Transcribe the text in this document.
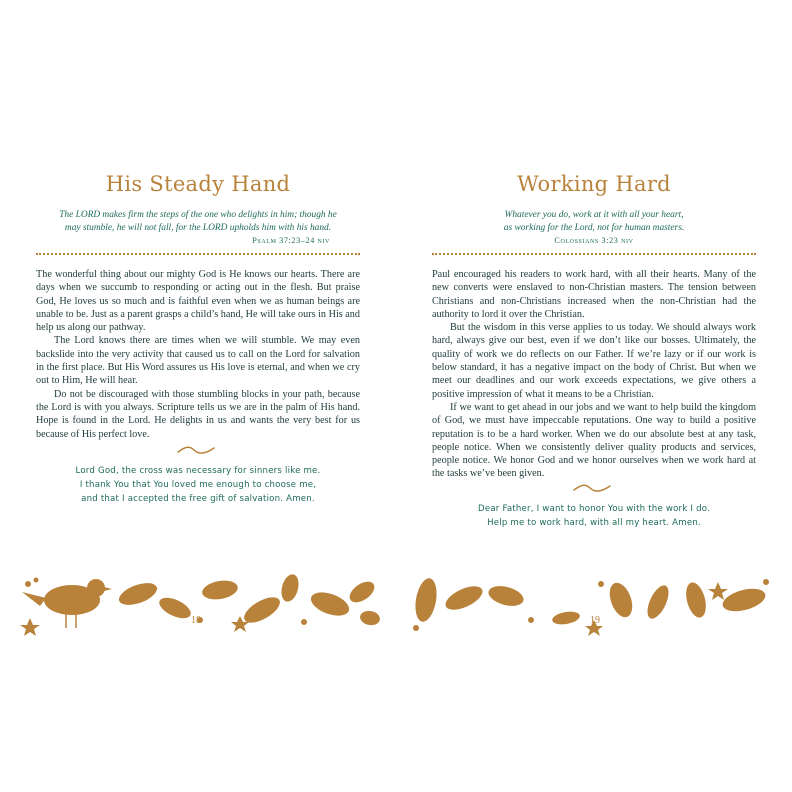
His Steady Hand
The LORD makes firm the steps of the one who delights in him; though he
may stumble, he will not fall, for the LORD upholds him with his hand.
Psalm 37:23–24 niv

The wonderful thing about our mighty God is He knows our hearts. There are days when we succumb to responding or acting out in the flesh. But praise God, He loves us so much and is faithful even when we as human beings are unable to be. Just as a parent grasps a child’s hand, He will take ours in His and help us along our pathway.

The Lord knows there are times when we will stumble. We may even backslide into the very activity that caused us to call on the Lord for salvation in the first place. But His Word assures us His love is eternal, and when we cry out to Him, He will hear.

Do not be discouraged with those stumbling blocks in your path, because the Lord is with you always. Scripture tells us we are in the palm of His hand. Hope is found in the Lord. He delights in us and wants the very best for us because of His perfect love.

Lord God, the cross was necessary for sinners like me.
I thank You that You loved me enough to choose me,
and that I accepted the free gift of salvation. Amen.
18
Working Hard
Whatever you do, work at it with all your heart,
as working for the Lord, not for human masters.
Colossians 3:23 niv

Paul encouraged his readers to work hard, with all their hearts. Many of the new converts were enslaved to non-Christian masters. The tension between Christians and non-Christians increased when the non-Christian had the authority to lord it over the Christian.

But the wisdom in this verse applies to us today. We should always work hard, always give our best, even if we don’t like our bosses. Ultimately, the quality of work we do reflects on our Father. If we’re lazy or if our work is below standard, it has a negative impact on the body of Christ. But when we meet our deadlines and our work exceeds expectations, we give others a positive impression of what it means to be a Christian.

If we want to get ahead in our jobs and we want to help build the kingdom of God, we must have impeccable reputations. One way to build a positive reputation is to be a hard worker. When we do our absolute best at any task, people notice. When we consistently deliver quality products and services, people notice. We honor God and we honor ourselves when we work hard at the tasks we’ve been given.

Dear Father, I want to honor You with the work I do.
Help me to work hard, with all my heart. Amen.
19
